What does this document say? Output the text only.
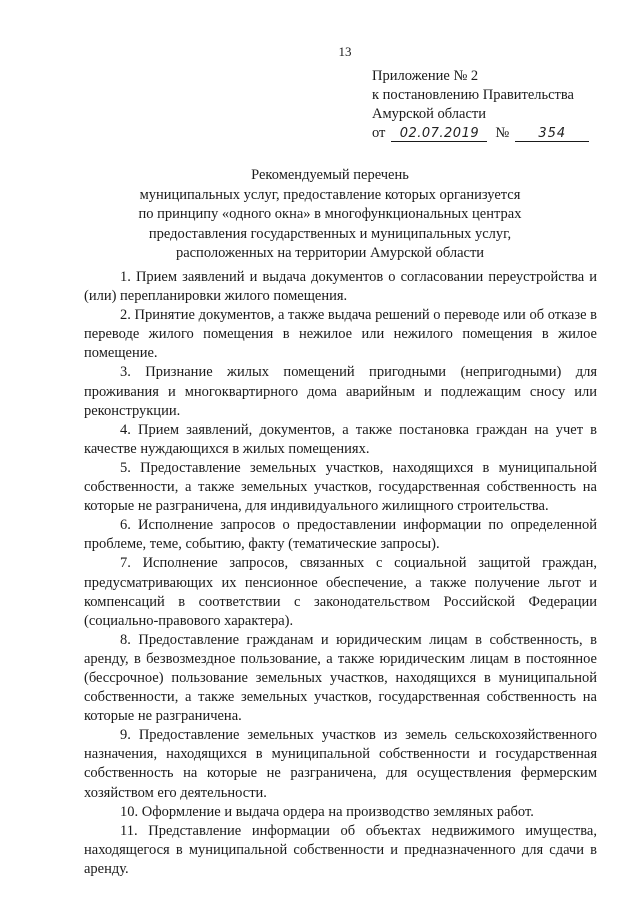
13
Приложение № 2
к постановлению Правительства
Амурской области
от	02.07.2019	№	354
Рекомендуемый перечень
муниципальных услуг, предоставление которых организуется
по принципу «одного окна» в многофункциональных центрах
предоставления государственных и муниципальных услуг,
расположенных на территории Амурской области

1. Прием заявлений и выдача документов о согласовании переустройства и (или) перепланировки жилого помещения.

2. Принятие документов, а также выдача решений о переводе или об отказе в переводе жилого помещения в нежилое или нежилого помещения в жилое помещение.

3. Признание жилых помещений пригодными (непригодными) для проживания и многоквартирного дома аварийным и подлежащим сносу или реконструкции.

4. Прием заявлений, документов, а также постановка граждан на учет в качестве нуждающихся в жилых помещениях.

5. Предоставление земельных участков, находящихся в муниципальной собственности, а также земельных участков, государственная собственность на которые не разграничена, для индивидуального жилищного строительства.

6. Исполнение запросов о предоставлении информации по определенной проблеме, теме, событию, факту (тематические запросы).

7. Исполнение запросов, связанных с социальной защитой граждан, предусматривающих их пенсионное обеспечение, а также получение льгот и компенсаций в соответствии с законодательством Российской Федерации (социально-правового характера).

8. Предоставление гражданам и юридическим лицам в собственность, в аренду, в безвозмездное пользование, а также юридическим лицам в постоянное (бессрочное) пользование земельных участков, находящихся в муниципальной собственности, а также земельных участков, государственная собственность на которые не разграничена.

9. Предоставление земельных участков из земель сельскохозяйственного назначения, находящихся в муниципальной собственности и государственная собственность на которые не разграничена, для осуществления фермерским хозяйством его деятельности.

10. Оформление и выдача ордера на производство земляных работ.

11. Представление информации об объектах недвижимого имущества, находящегося в муниципальной собственности и предназначенного для сдачи в аренду.
